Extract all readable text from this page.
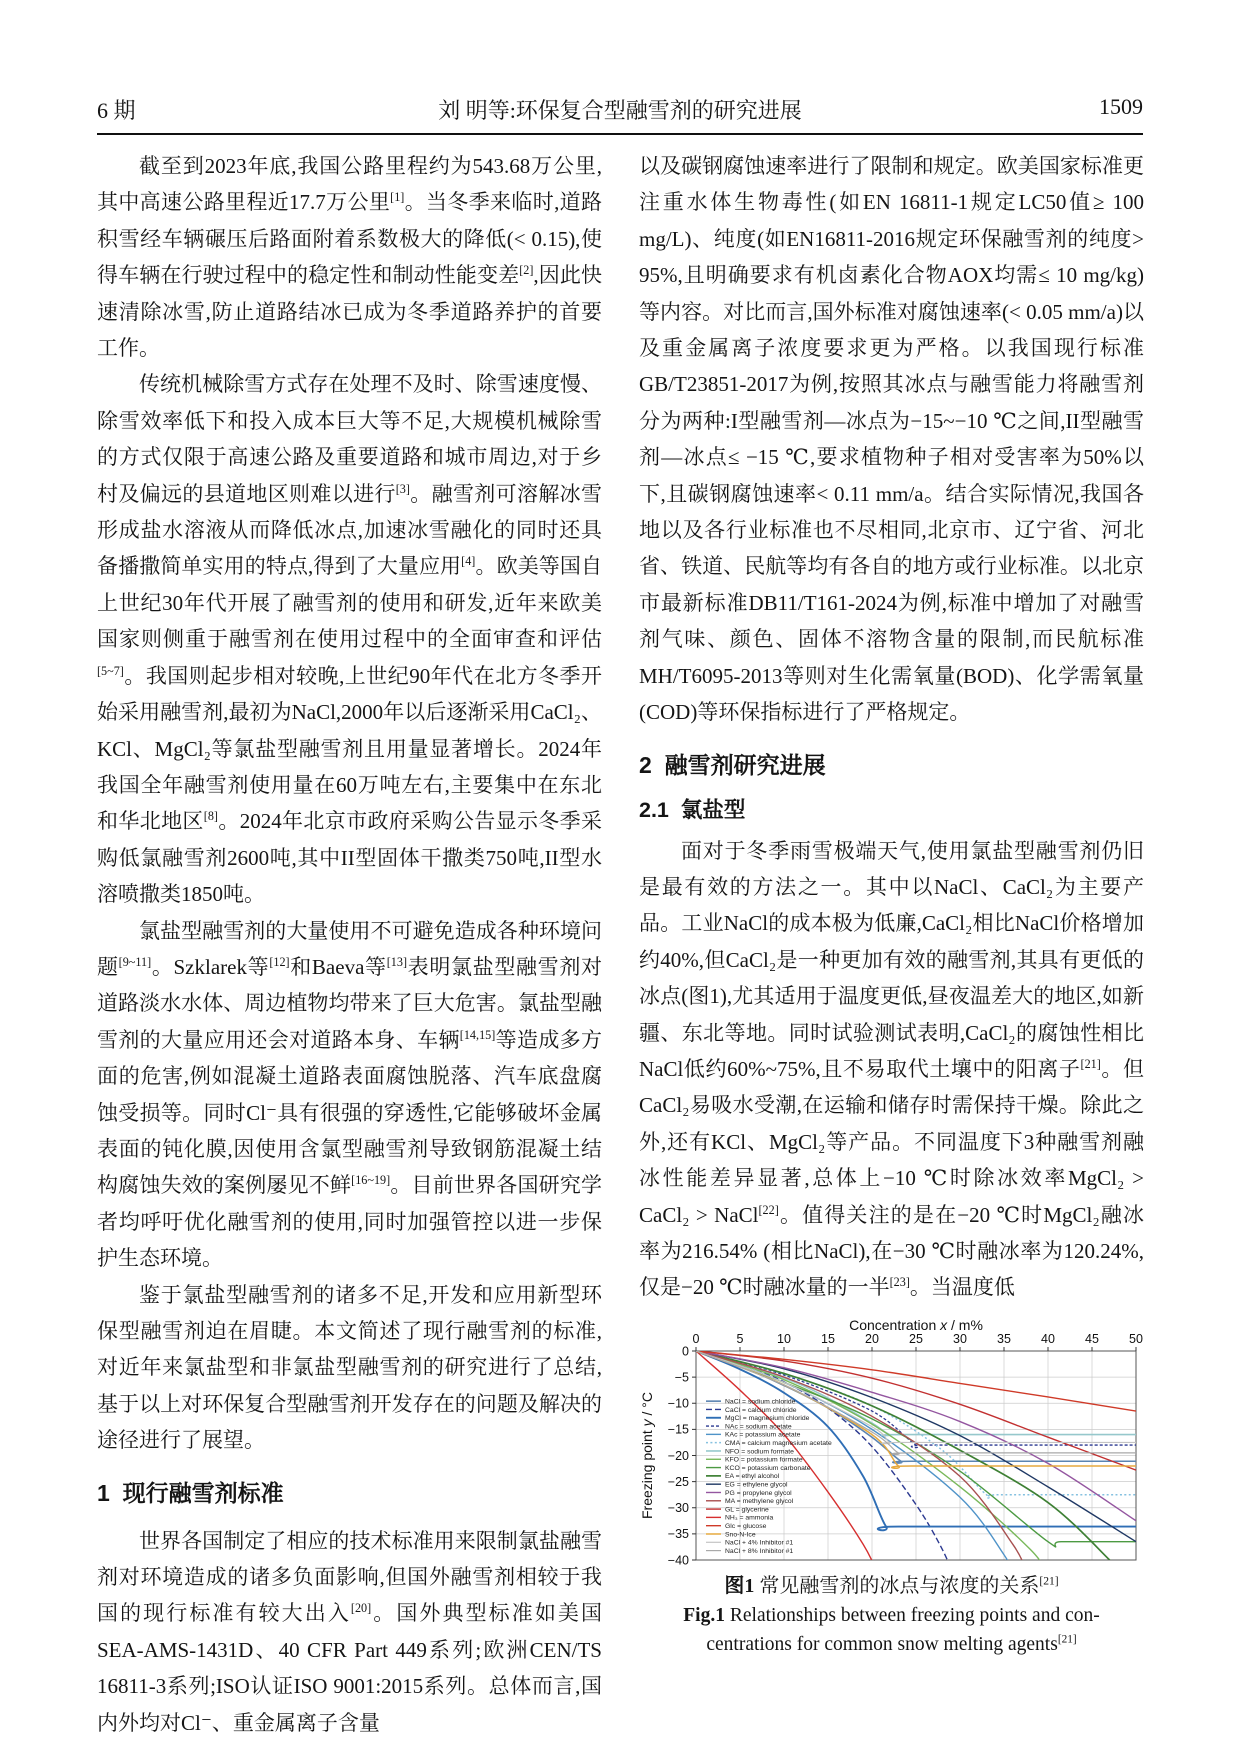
6 期	刘 明等:环保复合型融雪剂的研究进展	1509
截至到2023年底,我国公路里程约为543.68万公里,其中高速公路里程近17.7万公里[1]。当冬季来临时,道路积雪经车辆碾压后路面附着系数极大的降低(< 0.15),使得车辆在行驶过程中的稳定性和制动性能变差[2],因此快速清除冰雪,防止道路结冰已成为冬季道路养护的首要工作。
传统机械除雪方式存在处理不及时、除雪速度慢、除雪效率低下和投入成本巨大等不足,大规模机械除雪的方式仅限于高速公路及重要道路和城市周边,对于乡村及偏远的县道地区则难以进行[3]。融雪剂可溶解冰雪形成盐水溶液从而降低冰点,加速冰雪融化的同时还具备播撒简单实用的特点,得到了大量应用[4]。欧美等国自上世纪30年代开展了融雪剂的使用和研发,近年来欧美国家则侧重于融雪剂在使用过程中的全面审查和评估[5~7]。我国则起步相对较晚,上世纪90年代在北方冬季开始采用融雪剂,最初为NaCl,2000年以后逐渐采用CaCl₂、KCl、MgCl₂等氯盐型融雪剂且用量显著增长。2024年我国全年融雪剂使用量在60万吨左右,主要集中在东北和华北地区[8]。2024年北京市政府采购公告显示冬季采购低氯融雪剂2600吨,其中II型固体干撒类750吨,II型水溶喷撒类1850吨。
氯盐型融雪剂的大量使用不可避免造成各种环境问题[9~11]。Szklarek等[12]和Baeva等[13]表明氯盐型融雪剂对道路淡水水体、周边植物均带来了巨大危害。氯盐型融雪剂的大量应用还会对道路本身、车辆[14,15]等造成多方面的危害,例如混凝土道路表面腐蚀脱落、汽车底盘腐蚀受损等。同时Cl⁻具有很强的穿透性,它能够破坏金属表面的钝化膜,因使用含氯型融雪剂导致钢筋混凝土结构腐蚀失效的案例屡见不鲜[16~19]。目前世界各国研究学者均呼吁优化融雪剂的使用,同时加强管控以进一步保护生态环境。
鉴于氯盐型融雪剂的诸多不足,开发和应用新型环保型融雪剂迫在眉睫。本文简述了现行融雪剂的标准,对近年来氯盐型和非氯盐型融雪剂的研究进行了总结,基于以上对环保复合型融雪剂开发存在的问题及解决的途径进行了展望。
1  现行融雪剂标准
世界各国制定了相应的技术标准用来限制氯盐融雪剂对环境造成的诸多负面影响,但国外融雪剂相较于我国的现行标准有较大出入[20]。国外典型标准如美国SEA-AMS-1431D、40 CFR Part 449系列;欧洲CEN/TS 16811-3系列;ISO认证ISO 9001:2015系列。总体而言,国内外均对Cl⁻、重金属离子含量
以及碳钢腐蚀速率进行了限制和规定。欧美国家标准更注重水体生物毒性(如EN 16811-1规定LC50值≥ 100 mg/L)、纯度(如EN16811-2016规定环保融雪剂的纯度> 95%,且明确要求有机卤素化合物AOX均需≤ 10 mg/kg)等内容。对比而言,国外标准对腐蚀速率(< 0.05 mm/a)以及重金属离子浓度要求更为严格。以我国现行标准GB/T23851-2017为例,按照其冰点与融雪能力将融雪剂分为两种:I型融雪剂—冰点为−15~−10 ℃之间,II型融雪剂—冰点≤ −15 ℃,要求植物种子相对受害率为50%以下,且碳钢腐蚀速率< 0.11 mm/a。结合实际情况,我国各地以及各行业标准也不尽相同,北京市、辽宁省、河北省、铁道、民航等均有各自的地方或行业标准。以北京市最新标准DB11/T161-2024为例,标准中增加了对融雪剂气味、颜色、固体不溶物含量的限制,而民航标准MH/T6095-2013等则对生化需氧量(BOD)、化学需氧量(COD)等环保指标进行了严格规定。
2  融雪剂研究进展
2.1  氯盐型
面对于冬季雨雪极端天气,使用氯盐型融雪剂仍旧是最有效的方法之一。其中以NaCl、CaCl₂为主要产品。工业NaCl的成本极为低廉,CaCl₂相比NaCl价格增加约40%,但CaCl₂是一种更加有效的融雪剂,其具有更低的冰点(图1),尤其适用于温度更低,昼夜温差大的地区,如新疆、东北等地。同时试验测试表明,CaCl₂的腐蚀性相比NaCl低约60%~75%,且不易取代土壤中的阳离子[21]。但CaCl₂易吸水受潮,在运输和储存时需保持干燥。除此之外,还有KCl、MgCl₂等产品。不同温度下3种融雪剂融冰性能差异显著,总体上−10 ℃时除冰效率MgCl₂ > CaCl₂ > NaCl[22]。值得关注的是在−20 ℃时MgCl₂融冰率为216.54% (相比NaCl),在−30 ℃时融冰率为120.24%,仅是−20 ℃时融冰量的一半[23]。当温度低
0	5	10 15 20 25 30 35 40 45 50
0
−5
−10
−15
−20
−25
−30
−35
−40
Concentration x / m%
Freezing point y / °C	NaCl = sodium chloride
CaCl = calcium chloride
MgCl = magnesium chloride
NAc = sodium acetate
KAc = potassium acetate
CMA = calcium magnesium acetate
NFO = sodium formate
KFO = potassium formate
KCO = potassium carbonate
EA = ethyl alcohol
EG = ethylene glycol
PG = propylene glycol
MA = methylene glycol
GL = glycerine
NH₃ = ammonia
Glc = glucose
Sno-N-Ice
NaCl + 4% Inhibitor #1
NaCl + 8% Inhibitor #1
图1 常见融雪剂的冰点与浓度的关系[21]
Fig.1 Relationships between freezing points and con-
centrations for common snow melting agents[21]
